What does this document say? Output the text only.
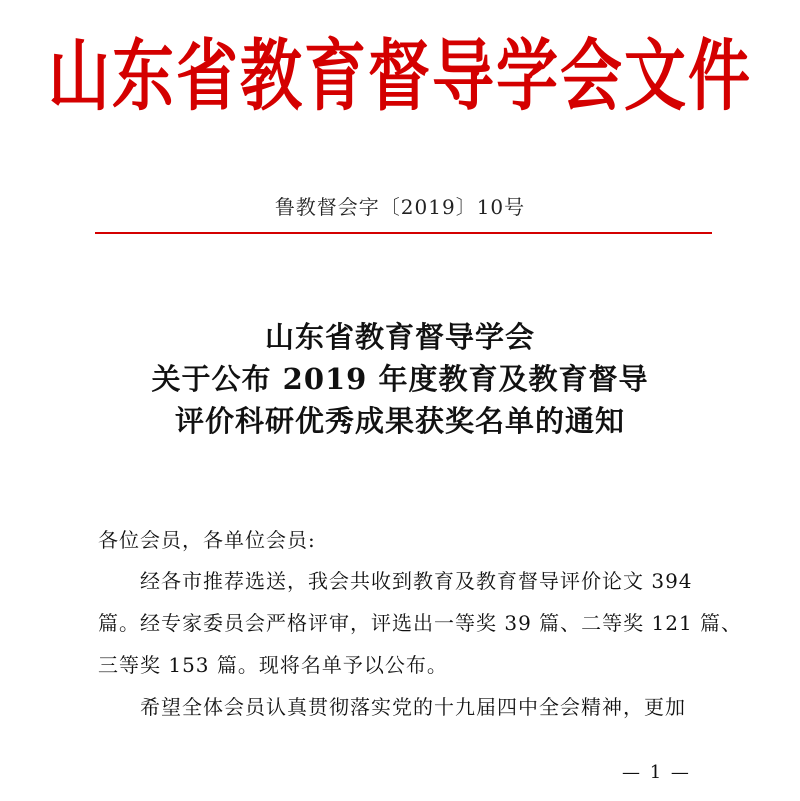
山东省教育督导学会文件
鲁教督会字〔2019〕10号
山东省教育督导学会
关于公布 2019 年度教育及教育督导
评价科研优秀成果获奖名单的通知
各位会员，各单位会员:
经各市推荐选送，我会共收到教育及教育督导评价论文 394
篇。经专家委员会严格评审，评选出一等奖 39 篇、二等奖 121 篇、
三等奖 153 篇。现将名单予以公布。
希望全体会员认真贯彻落实党的十九届四中全会精神，更加
— 1 —
